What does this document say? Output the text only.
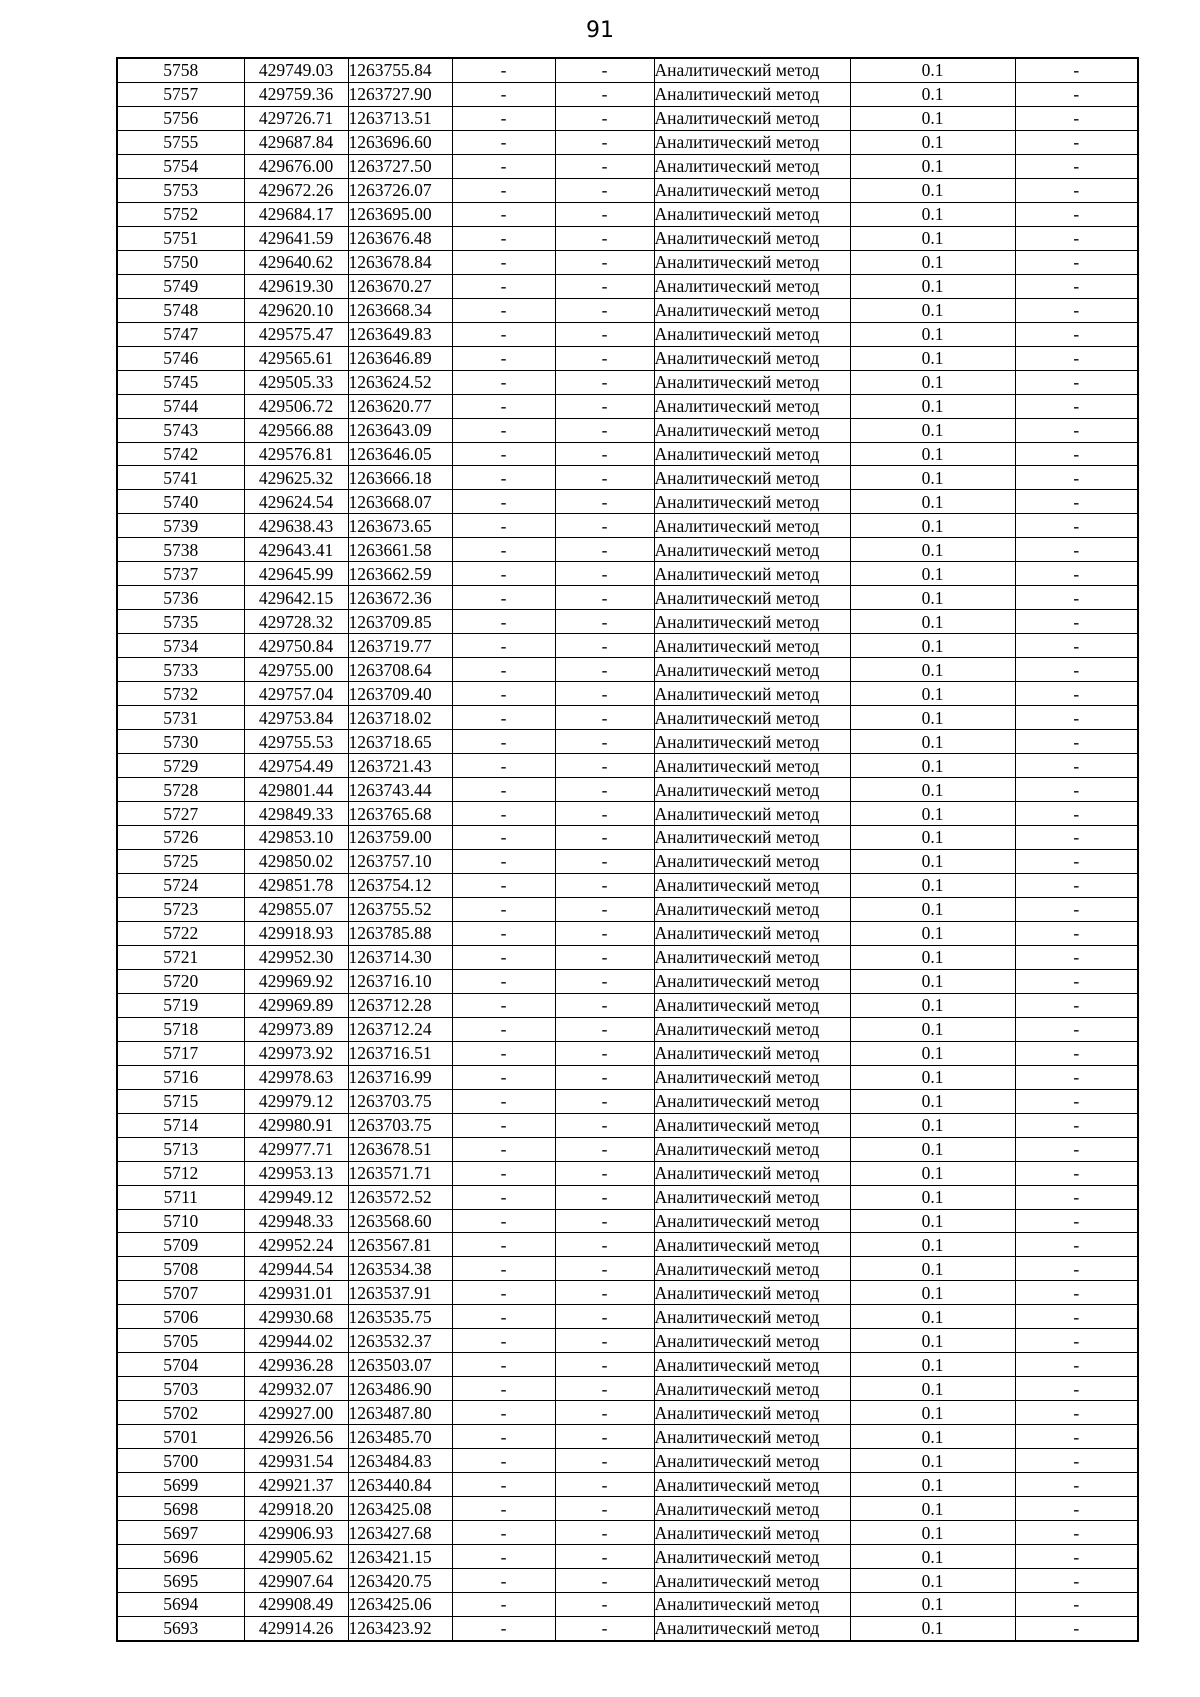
91
5758	429749.03	1263755.84	-	-	Аналитический метод	0.1	-
5757	429759.36	1263727.90	-	-	Аналитический метод	0.1	-
5756	429726.71	1263713.51	-	-	Аналитический метод	0.1	-
5755	429687.84	1263696.60	-	-	Аналитический метод	0.1	-
5754	429676.00	1263727.50	-	-	Аналитический метод	0.1	-
5753	429672.26	1263726.07	-	-	Аналитический метод	0.1	-
5752	429684.17	1263695.00	-	-	Аналитический метод	0.1	-
5751	429641.59	1263676.48	-	-	Аналитический метод	0.1	-
5750	429640.62	1263678.84	-	-	Аналитический метод	0.1	-
5749	429619.30	1263670.27	-	-	Аналитический метод	0.1	-
5748	429620.10	1263668.34	-	-	Аналитический метод	0.1	-
5747	429575.47	1263649.83	-	-	Аналитический метод	0.1	-
5746	429565.61	1263646.89	-	-	Аналитический метод	0.1	-
5745	429505.33	1263624.52	-	-	Аналитический метод	0.1	-
5744	429506.72	1263620.77	-	-	Аналитический метод	0.1	-
5743	429566.88	1263643.09	-	-	Аналитический метод	0.1	-
5742	429576.81	1263646.05	-	-	Аналитический метод	0.1	-
5741	429625.32	1263666.18	-	-	Аналитический метод	0.1	-
5740	429624.54	1263668.07	-	-	Аналитический метод	0.1	-
5739	429638.43	1263673.65	-	-	Аналитический метод	0.1	-
5738	429643.41	1263661.58	-	-	Аналитический метод	0.1	-
5737	429645.99	1263662.59	-	-	Аналитический метод	0.1	-
5736	429642.15	1263672.36	-	-	Аналитический метод	0.1	-
5735	429728.32	1263709.85	-	-	Аналитический метод	0.1	-
5734	429750.84	1263719.77	-	-	Аналитический метод	0.1	-
5733	429755.00	1263708.64	-	-	Аналитический метод	0.1	-
5732	429757.04	1263709.40	-	-	Аналитический метод	0.1	-
5731	429753.84	1263718.02	-	-	Аналитический метод	0.1	-
5730	429755.53	1263718.65	-	-	Аналитический метод	0.1	-
5729	429754.49	1263721.43	-	-	Аналитический метод	0.1	-
5728	429801.44	1263743.44	-	-	Аналитический метод	0.1	-
5727	429849.33	1263765.68	-	-	Аналитический метод	0.1	-
5726	429853.10	1263759.00	-	-	Аналитический метод	0.1	-
5725	429850.02	1263757.10	-	-	Аналитический метод	0.1	-
5724	429851.78	1263754.12	-	-	Аналитический метод	0.1	-
5723	429855.07	1263755.52	-	-	Аналитический метод	0.1	-
5722	429918.93	1263785.88	-	-	Аналитический метод	0.1	-
5721	429952.30	1263714.30	-	-	Аналитический метод	0.1	-
5720	429969.92	1263716.10	-	-	Аналитический метод	0.1	-
5719	429969.89	1263712.28	-	-	Аналитический метод	0.1	-
5718	429973.89	1263712.24	-	-	Аналитический метод	0.1	-
5717	429973.92	1263716.51	-	-	Аналитический метод	0.1	-
5716	429978.63	1263716.99	-	-	Аналитический метод	0.1	-
5715	429979.12	1263703.75	-	-	Аналитический метод	0.1	-
5714	429980.91	1263703.75	-	-	Аналитический метод	0.1	-
5713	429977.71	1263678.51	-	-	Аналитический метод	0.1	-
5712	429953.13	1263571.71	-	-	Аналитический метод	0.1	-
5711	429949.12	1263572.52	-	-	Аналитический метод	0.1	-
5710	429948.33	1263568.60	-	-	Аналитический метод	0.1	-
5709	429952.24	1263567.81	-	-	Аналитический метод	0.1	-
5708	429944.54	1263534.38	-	-	Аналитический метод	0.1	-
5707	429931.01	1263537.91	-	-	Аналитический метод	0.1	-
5706	429930.68	1263535.75	-	-	Аналитический метод	0.1	-
5705	429944.02	1263532.37	-	-	Аналитический метод	0.1	-
5704	429936.28	1263503.07	-	-	Аналитический метод	0.1	-
5703	429932.07	1263486.90	-	-	Аналитический метод	0.1	-
5702	429927.00	1263487.80	-	-	Аналитический метод	0.1	-
5701	429926.56	1263485.70	-	-	Аналитический метод	0.1	-
5700	429931.54	1263484.83	-	-	Аналитический метод	0.1	-
5699	429921.37	1263440.84	-	-	Аналитический метод	0.1	-
5698	429918.20	1263425.08	-	-	Аналитический метод	0.1	-
5697	429906.93	1263427.68	-	-	Аналитический метод	0.1	-
5696	429905.62	1263421.15	-	-	Аналитический метод	0.1	-
5695	429907.64	1263420.75	-	-	Аналитический метод	0.1	-
5694	429908.49	1263425.06	-	-	Аналитический метод	0.1	-
5693	429914.26	1263423.92	-	-	Аналитический метод	0.1	-
